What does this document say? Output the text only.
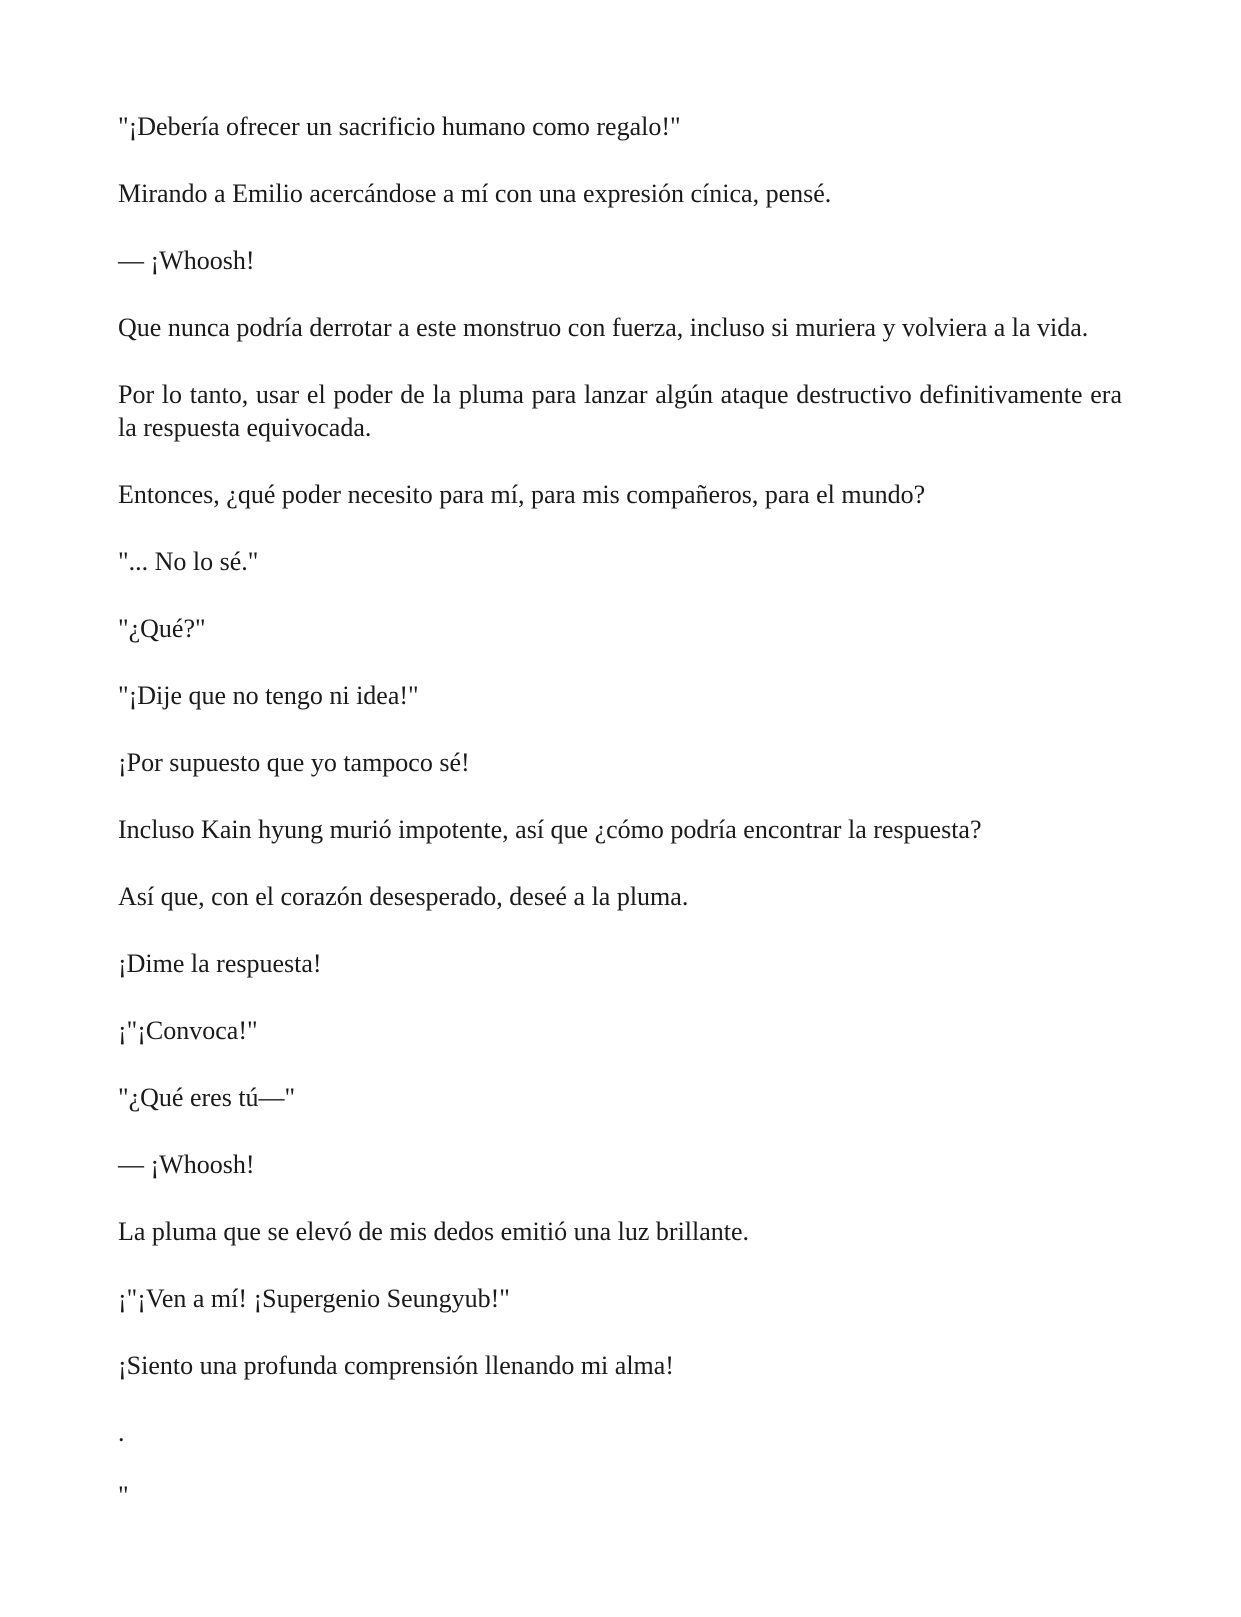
"¡Debería ofrecer un sacrificio humano como regalo!"

Mirando a Emilio acercándose a mí con una expresión cínica, pensé.

— ¡Whoosh!

Que nunca podría derrotar a este monstruo con fuerza, incluso si muriera y volviera a la vida.

Por lo tanto, usar el poder de la pluma para lanzar algún ataque destructivo definitivamente era la respuesta equivocada.

Entonces, ¿qué poder necesito para mí, para mis compañeros, para el mundo?

"... No lo sé."

"¿Qué?"

"¡Dije que no tengo ni idea!"

¡Por supuesto que yo tampoco sé!

Incluso Kain hyung murió impotente, así que ¿cómo podría encontrar la respuesta?

Así que, con el corazón desesperado, deseé a la pluma.

¡Dime la respuesta!

¡"¡Convoca!"

"¿Qué eres tú—"

— ¡Whoosh!

La pluma que se elevó de mis dedos emitió una luz brillante.

¡"¡Ven a mí! ¡Supergenio Seungyub!"

¡Siento una profunda comprensión llenando mi alma!

.

"
